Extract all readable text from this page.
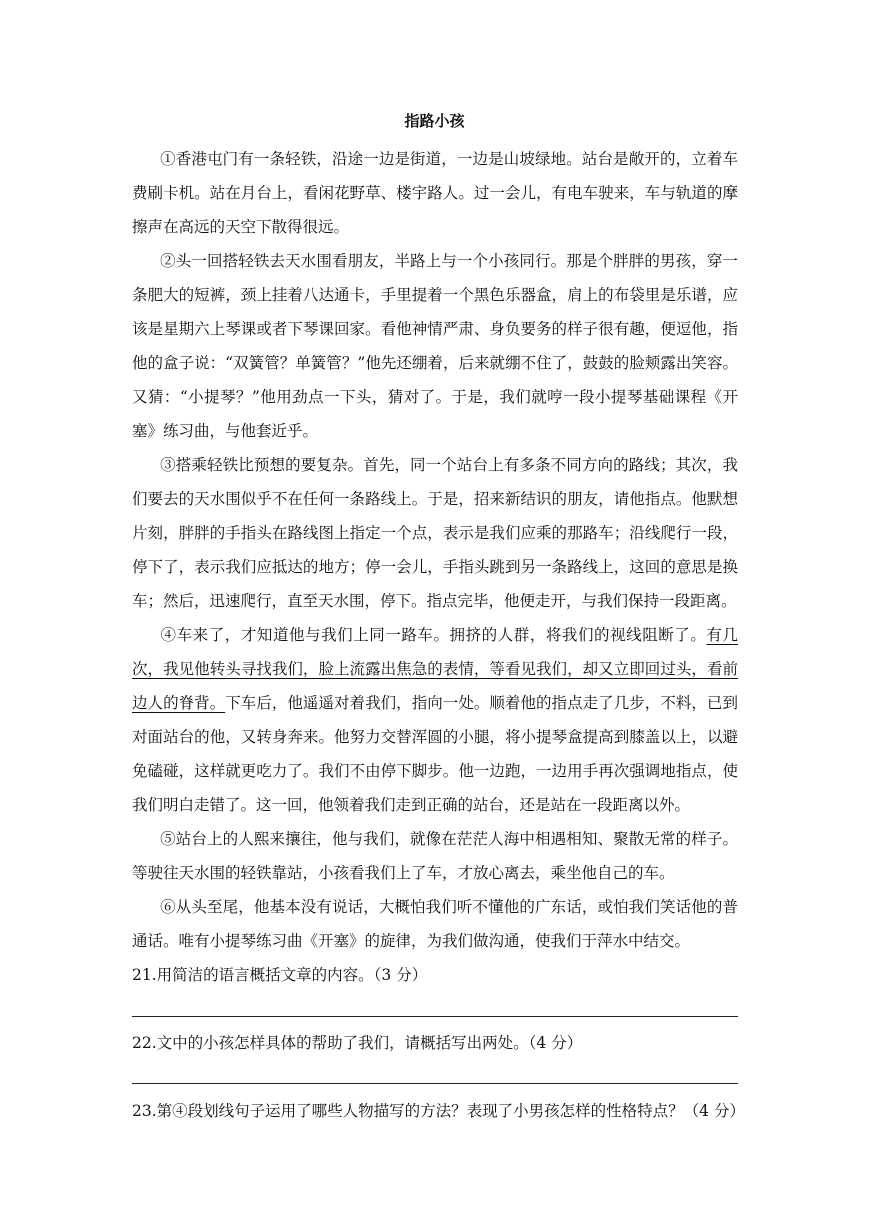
指路小孩
①香港屯门有一条轻铁，沿途一边是街道，一边是山坡绿地。站台是敞开的，立着车费刷卡机。站在月台上，看闲花野草、楼宇路人。过一会儿，有电车驶来，车与轨道的摩擦声在高远的天空下散得很远。
②头一回搭轻铁去天水围看朋友，半路上与一个小孩同行。那是个胖胖的男孩，穿一条肥大的短裤，颈上挂着八达通卡，手里提着一个黑色乐器盒，肩上的布袋里是乐谱，应该是星期六上琴课或者下琴课回家。看他神情严肃、身负要务的样子很有趣，便逗他，指他的盒子说：“双簧管？单簧管？”他先还绷着，后来就绷不住了，鼓鼓的脸颊露出笑容。又猜：“小提琴？”他用劲点一下头，猜对了。于是，我们就哼一段小提琴基础课程《开塞》练习曲，与他套近乎。
③搭乘轻铁比预想的要复杂。首先，同一个站台上有多条不同方向的路线；其次，我们要去的天水围似乎不在任何一条路线上。于是，招来新结识的朋友，请他指点。他默想片刻，胖胖的手指头在路线图上指定一个点，表示是我们应乘的那路车；沿线爬行一段，停下了，表示我们应抵达的地方；停一会儿，手指头跳到另一条路线上，这回的意思是换车；然后，迅速爬行，直至天水围，停下。指点完毕，他便走开，与我们保持一段距离。
④车来了，才知道他与我们上同一路车。拥挤的人群，将我们的视线阻断了。有几次，我见他转头寻找我们，脸上流露出焦急的表情，等看见我们，却又立即回过头，看前边人的脊背。下车后，他遥遥对着我们，指向一处。顺着他的指点走了几步，不料，已到对面站台的他，又转身奔来。他努力交替浑圆的小腿，将小提琴盒提高到膝盖以上，以避免磕碰，这样就更吃力了。我们不由停下脚步。他一边跑，一边用手再次强调地指点，使我们明白走错了。这一回，他领着我们走到正确的站台，还是站在一段距离以外。
⑤站台上的人熙来攘往，他与我们，就像在茫茫人海中相遇相知、聚散无常的样子。等驶往天水围的轻铁靠站，小孩看我们上了车，才放心离去，乘坐他自己的车。
⑥从头至尾，他基本没有说话，大概怕我们听不懂他的广东话，或怕我们笑话他的普通话。唯有小提琴练习曲《开塞》的旋律，为我们做沟通，使我们于萍水中结交。
21.用简洁的语言概括文章的内容。（3 分）
22.文中的小孩怎样具体的帮助了我们，请概括写出两处。（4 分）
23.第④段划线句子运用了哪些人物描写的方法？表现了小男孩怎样的性格特点？（4 分）
